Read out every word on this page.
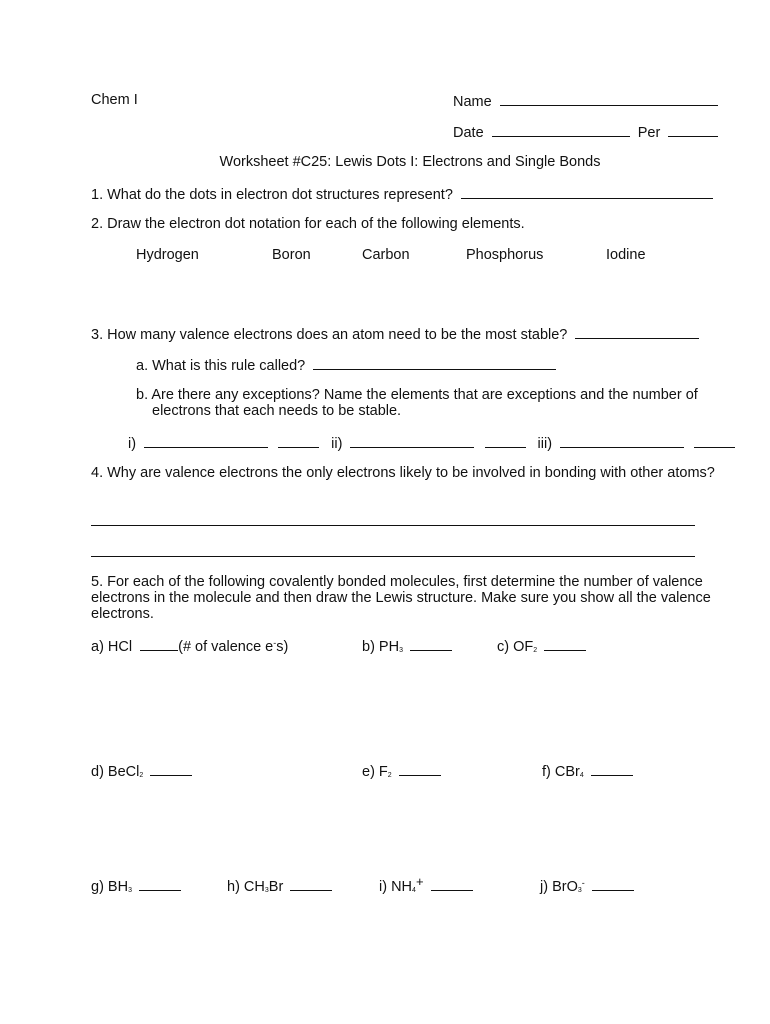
Chem I	Name
Date	Per
Worksheet #C25: Lewis Dots I: Electrons and Single Bonds
1. What do the dots in electron dot structures represent?
2. Draw the electron dot notation for each of the following elements.
Hydrogen	Boron	Carbon	Phosphorus	Iodine
3. How many valence electrons does an atom need to be the most stable?
a. What is this rule called?
b. Are there any exceptions? Name the elements that are exceptions and the number of electrons that each needs to be stable.
i)	ii)	iii)
4. Why are valence electrons the only electrons likely to be involved in bonding with other atoms?
5. For each of the following covalently bonded molecules, first determine the number of valence electrons in the molecule and then draw the Lewis structure. Make sure you show all the valence electrons.
a) HCl	(# of valence e-s)	b) $PH_3$	c) $OF_2$
d) BeCl$_2$	e) $F_2$	f) CBr$_4$
g) $BH_3$	h) $CH_3Br$	i) $NH_4+$	j) BrO$_3$-
